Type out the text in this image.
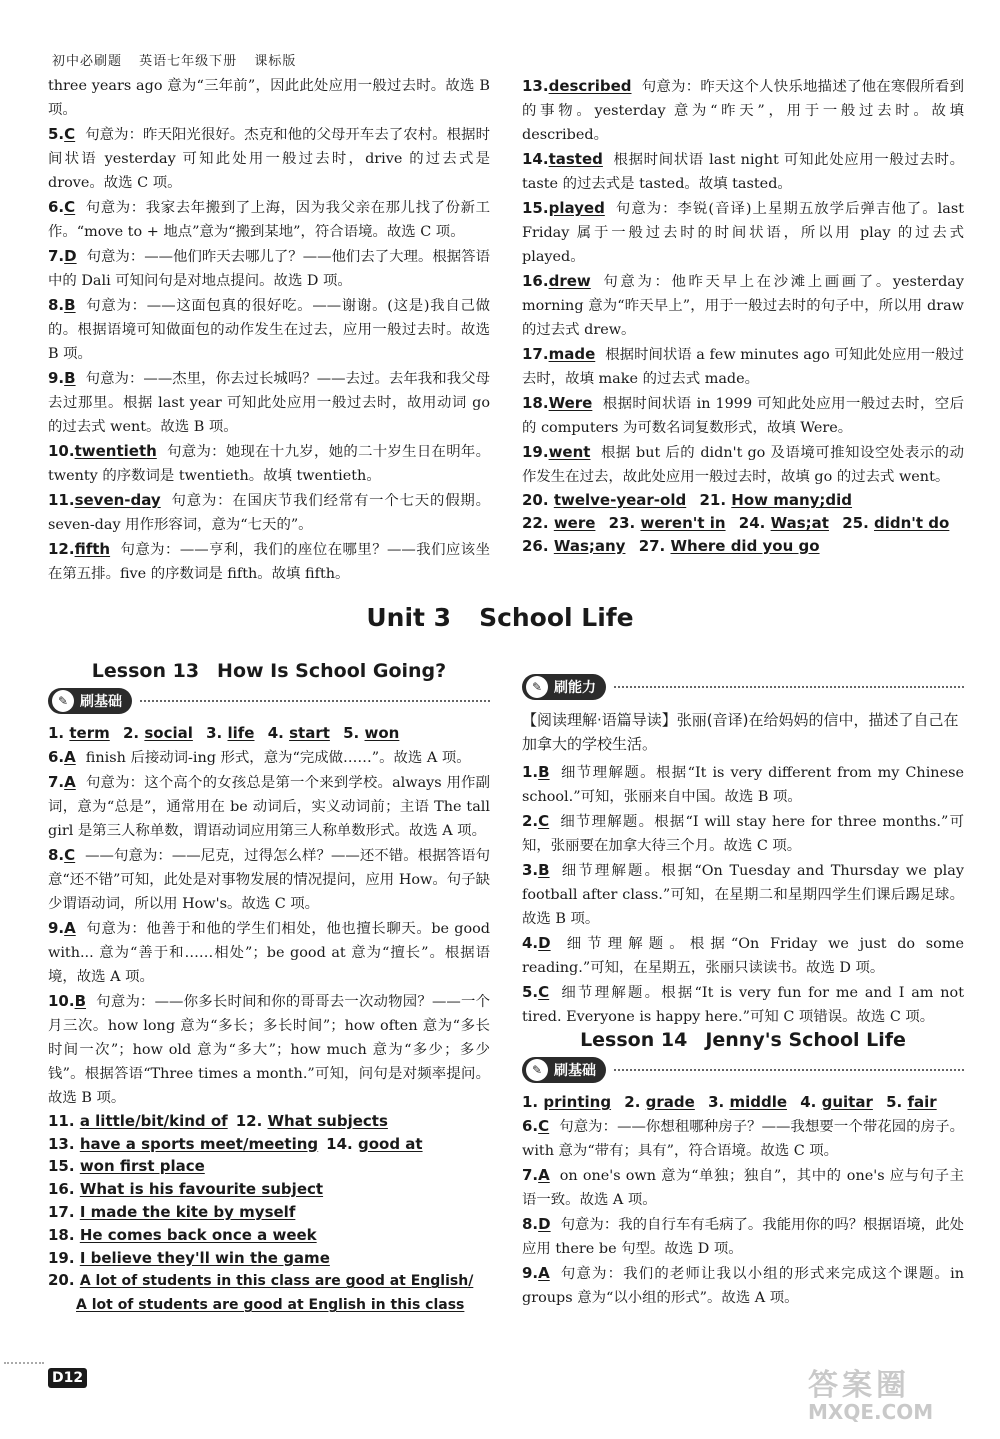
初中必刷题 英语七年级下册 课标版

three years ago 意为“三年前”，因此此处应用一般过去时。故选 B 项。

5.C 句意为：昨天阳光很好。杰克和他的父母开车去了农村。根据时间状语 yesterday 可知此处用一般过去时，drive 的过去式是 drove。故选 C 项。

6.C 句意为：我家去年搬到了上海，因为我父亲在那儿找了份新工作。“move to + 地点”意为“搬到某地”，符合语境。故选 C 项。

7.D 句意为：——他们昨天去哪儿了？——他们去了大理。根据答语中的 Dali 可知问句是对地点提问。故选 D 项。

8.B 句意为：——这面包真的很好吃。——谢谢。(这是)我自己做的。根据语境可知做面包的动作发生在过去，应用一般过去时。故选 B 项。

9.B 句意为：——杰里，你去过长城吗？——去过。去年我和我父母去过那里。根据 last year 可知此处应用一般过去时，故用动词 go 的过去式 went。故选 B 项。

10.twentieth 句意为：她现在十九岁，她的二十岁生日在明年。twenty 的序数词是 twentieth。故填 twentieth。

11.seven-day 句意为：在国庆节我们经常有一个七天的假期。seven-day 用作形容词，意为“七天的”。

12.fifth 句意为：——亨利，我们的座位在哪里？——我们应该坐在第五排。five 的序数词是 fifth。故填 fifth。

13.described 句意为：昨天这个人快乐地描述了他在寒假所看到的事物。yesterday 意为“昨天”，用于一般过去时。故填 described。

14.tasted 根据时间状语 last night 可知此处应用一般过去时。taste 的过去式是 tasted。故填 tasted。

15.played 句意为：李锐(音译)上星期五放学后弹吉他了。last Friday 属于一般过去时的时间状语，所以用 play 的过去式 played。

16.drew 句意为：他昨天早上在沙滩上画画了。yesterday morning 意为“昨天早上”，用于一般过去时的句子中，所以用 draw 的过去式 drew。

17.made 根据时间状语 a few minutes ago 可知此处应用一般过去时，故填 make 的过去式 made。

18.Were 根据时间状语 in 1999 可知此处应用一般过去时，空后的 computers 为可数名词复数形式，故填 Were。

19.went 根据 but 后的 didn't go 及语境可推知设空处表示的动作发生在过去，故此处应用一般过去时，故填 go 的过去式 went。

20. twelve-year-old 21. How many;did

22. were 23. weren't in 24. Was;at 25. didn't do

26. Was;any 27. Where did you go

Unit 3 School Life

Lesson 13 How Is School Going?

✎ 刷基础

1. term 2. social 3. life 4. start 5. won

6.A finish 后接动词-ing 形式，意为“完成做……”。故选 A 项。

7.A 句意为：这个高个的女孩总是第一个来到学校。always 用作副词，意为“总是”，通常用在 be 动词后，实义动词前；主语 The tall girl 是第三人称单数，谓语动词应用第三人称单数形式。故选 A 项。

8.C ——句意为：——尼克，过得怎么样？——还不错。根据答语句意“还不错”可知，此处是对事物发展的情况提问，应用 How。句子缺少谓语动词，所以用 How's。故选 C 项。

9.A 句意为：他善于和他的学生们相处，他也擅长聊天。be good with... 意为“善于和……相处”；be good at 意为“擅长”。根据语境，故选 A 项。

10.B 句意为：——你多长时间和你的哥哥去一次动物园？——一个月三次。how long 意为“多长；多长时间”；how often 意为“多长时间一次”；how old 意为“多大”；how much 意为“多少；多少钱”。根据答语“Three times a month.”可知，问句是对频率提问。故选 B 项。

11. a little/bit/kind of 12. What subjects

13. have a sports meet/meeting 14. good at

15. won first place

16. What is his favourite subject

17. I made the kite by myself

18. He comes back once a week

19. I believe they'll win the game

20. A lot of students in this class are good at English/

A lot of students are good at English in this class

✎ 刷能力

【阅读理解·语篇导读】张丽(音译)在给妈妈的信中，描述了自己在加拿大的学校生活。

1.B 细节理解题。根据“It is very different from my Chinese school.”可知，张丽来自中国。故选 B 项。

2.C 细节理解题。根据“I will stay here for three months.”可知，张丽要在加拿大待三个月。故选 C 项。

3.B 细节理解题。根据“On Tuesday and Thursday we play football after class.”可知，在星期二和星期四学生们课后踢足球。故选 B 项。

4.D 细节理解题。根据“On Friday we just do some reading.”可知，在星期五，张丽只读读书。故选 D 项。

5.C 细节理解题。根据“It is very fun for me and I am not tired. Everyone is happy here.”可知 C 项错误。故选 C 项。

Lesson 14 Jenny's School Life

✎ 刷基础

1. printing 2. grade 3. middle 4. guitar 5. fair

6.C 句意为：——你想租哪种房子？——我想要一个带花园的房子。with 意为“带有；具有”，符合语境。故选 C 项。

7.A on one's own 意为“单独；独自”，其中的 one's 应与句子主语一致。故选 A 项。

8.D 句意为：我的自行车有毛病了。我能用你的吗？根据语境，此处应用 there be 句型。故选 D 项。

9.A 句意为：我们的老师让我以小组的形式来完成这个课题。in groups 意为“以小组的形式”。故选 A 项。

D12	答案圈
MXQE.COM
